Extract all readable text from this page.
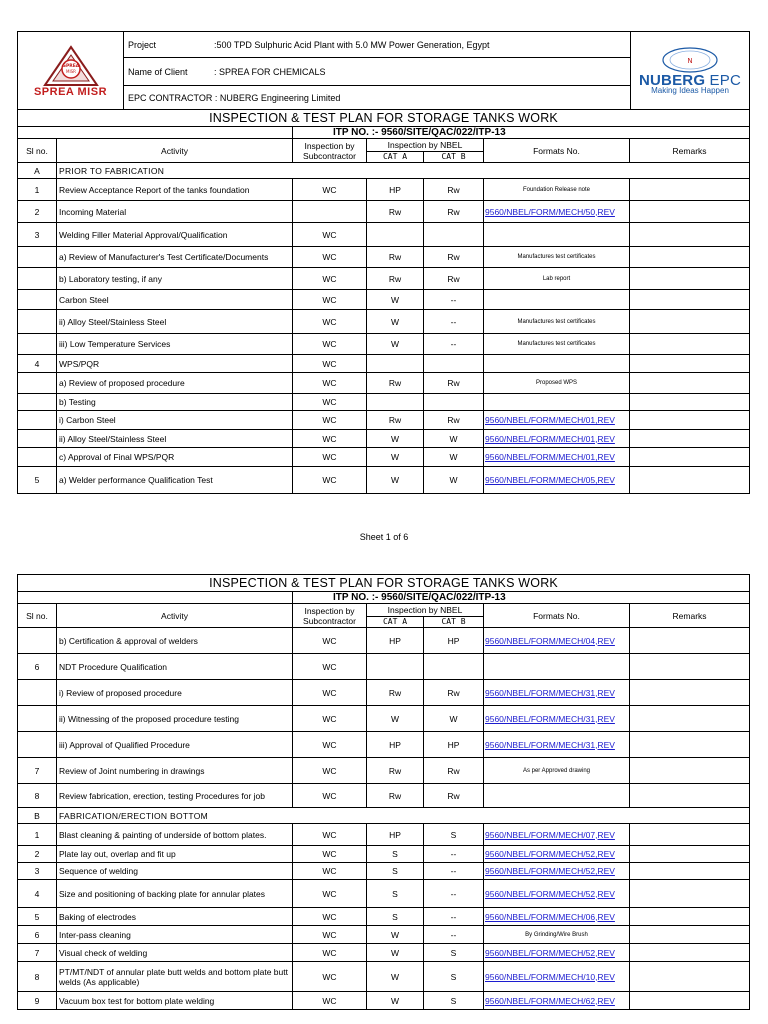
SPREA
MISR
SPREA MISR
	Project	:500 TPD Sulphuric Acid Plant with 5.0 MW Power Generation, Egypt	
N
NUBERG EPC
Making Ideas Happen

Name of Client	: SPREA FOR CHEMICALS
EPC CONTRACTOR : NUBERG Engineering Limited
INSPECTION & TEST PLAN FOR STORAGE TANKS WORK						
		ITP NO. :- 9560/SITE/QAC/022/ITP-13				
Sl no.	Activity	Inspection by Subcontractor	Inspection by NBEL		Formats No.	Remarks
			CAT A	CAT B		
A	PRIOR TO FABRICATION					
1	Review Acceptance Report of the tanks foundation	WC	HP	Rw	Foundation Release note	
2	Incoming Material		Rw	Rw	9560/NBEL/FORM/MECH/50,REV	
3	Welding Filler Material Approval/Qualification	WC				
	a) Review of Manufacturer's Test Certificate/Documents	WC	Rw	Rw	Manufactures test certificates	
	b) Laboratory testing, if any	WC	Rw	Rw	Lab report	
	Carbon Steel	WC	W	--		
	ii) Alloy Steel/Stainless Steel	WC	W	--	Manufactures test certificates	
	iii) Low Temperature Services	WC	W	--	Manufactures test certificates	
4	WPS/PQR	WC				
	a) Review of proposed procedure	WC	Rw	Rw	Proposed WPS	
	b) Testing	WC				
	i) Carbon Steel	WC	Rw	Rw	9560/NBEL/FORM/MECH/01,REV	
	ii) Alloy Steel/Stainless Steel	WC	W	W	9560/NBEL/FORM/MECH/01,REV	
	c) Approval of Final WPS/PQR	WC	W	W	9560/NBEL/FORM/MECH/01,REV	
5	a) Welder performance Qualification Test	WC	W	W	9560/NBEL/FORM/MECH/05,REV	
Sheet 1 of 6
INSPECTION & TEST PLAN FOR STORAGE TANKS WORK						
		ITP NO. :- 9560/SITE/QAC/022/ITP-13				
Sl no.	Activity	Inspection by Subcontractor	Inspection by NBEL		Formats No.	Remarks
			CAT A	CAT B		
	b) Certification & approval of welders	WC	HP	HP	9560/NBEL/FORM/MECH/04,REV	
6	NDT Procedure Qualification	WC				
	i) Review of proposed procedure	WC	Rw	Rw	9560/NBEL/FORM/MECH/31,REV	
	ii) Witnessing of the proposed procedure testing	WC	W	W	9560/NBEL/FORM/MECH/31,REV	
	iii) Approval of Qualified Procedure	WC	HP	HP	9560/NBEL/FORM/MECH/31,REV	
7	Review of Joint numbering in drawings	WC	Rw	Rw	As per Approved drawing	
8	Review fabrication, erection, testing Procedures for job	WC	Rw	Rw		
B	FABRICATION/ERECTION BOTTOM					
1	Blast cleaning & painting of underside of bottom plates.	WC	HP	S	9560/NBEL/FORM/MECH/07,REV	
2	Plate lay out, overlap and fit up	WC	S	--	9560/NBEL/FORM/MECH/52,REV	
3	Sequence of welding	WC	S	--	9560/NBEL/FORM/MECH/52,REV	
4	Size and positioning of backing plate for annular plates	WC	S	--	9560/NBEL/FORM/MECH/52,REV	
5	Baking of electrodes	WC	S	--	9560/NBEL/FORM/MECH/06,REV	
6	Inter-pass cleaning	WC	W	--	By Grinding/Wire Brush	
7	Visual check of welding	WC	W	S	9560/NBEL/FORM/MECH/52,REV	
8	PT/MT/NDT of annular plate butt welds and bottom plate butt welds (As applicable)	WC	W	S	9560/NBEL/FORM/MECH/10,REV	
9	Vacuum box test for bottom plate welding	WC	W	S	9560/NBEL/FORM/MECH/62,REV	
